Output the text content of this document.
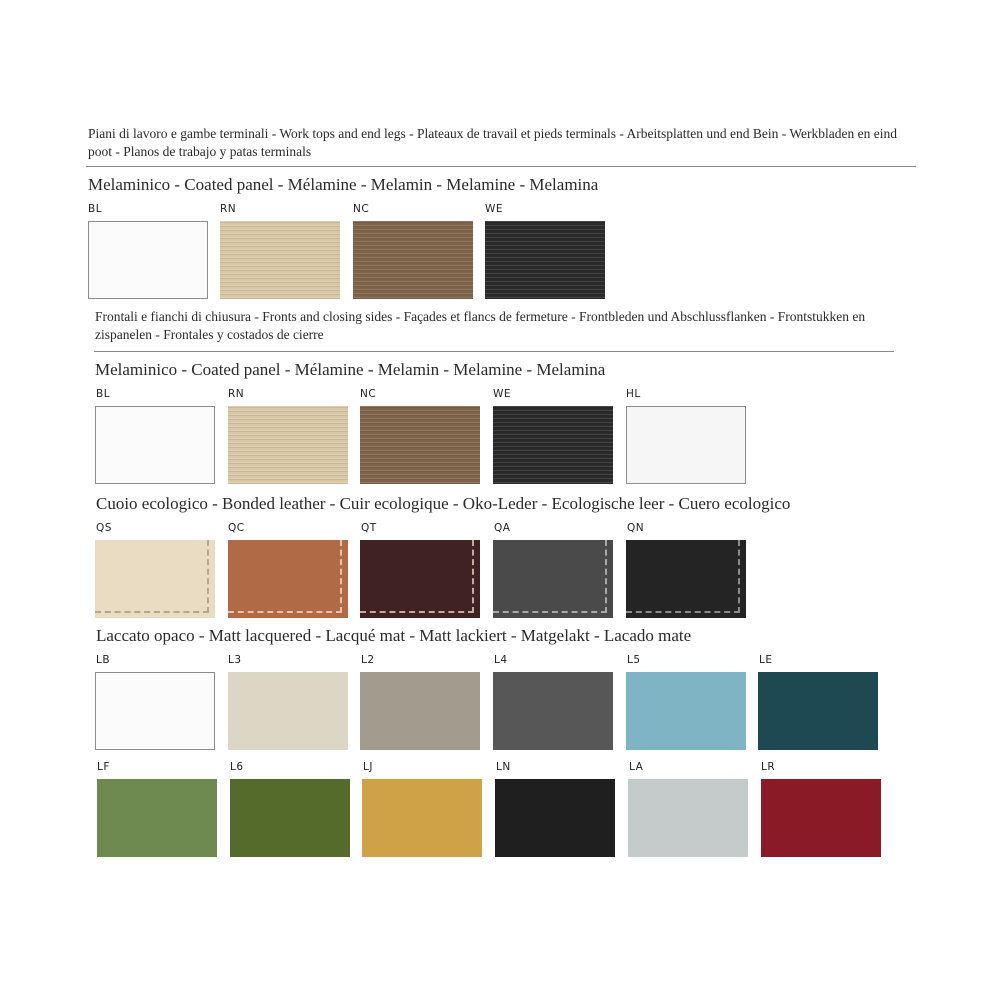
Piani di lavoro e gambe terminali - Work tops and end legs - Plateaux de travail et pieds terminals - Arbeitsplatten und end Bein - Werkbladen en eind poot - Planos de trabajo y patas terminals

Melaminico - Coated panel - Mélamine - Melamin - Melamine - Melamina

BL	RN	NC	WE

Frontali e fianchi di chiusura - Fronts and closing sides - Façades et flancs de fermeture - Frontbleden und Abschlussflanken - Frontstukken en zispanelen - Frontales y costados de cierre

Melaminico - Coated panel - Mélamine - Melamin - Melamine - Melamina

BL	RN	NC	WE	HL

Cuoio ecologico - Bonded leather - Cuir ecologique - Oko-Leder - Ecologische leer - Cuero ecologico

QS	QC	QT	QA	QN

Laccato opaco - Matt lacquered - Lacqué mat - Matt lackiert - Matgelakt - Lacado mate

LB	L3	L2	L4	L5	LE
LF	L6	LJ	LN	LA	LR
